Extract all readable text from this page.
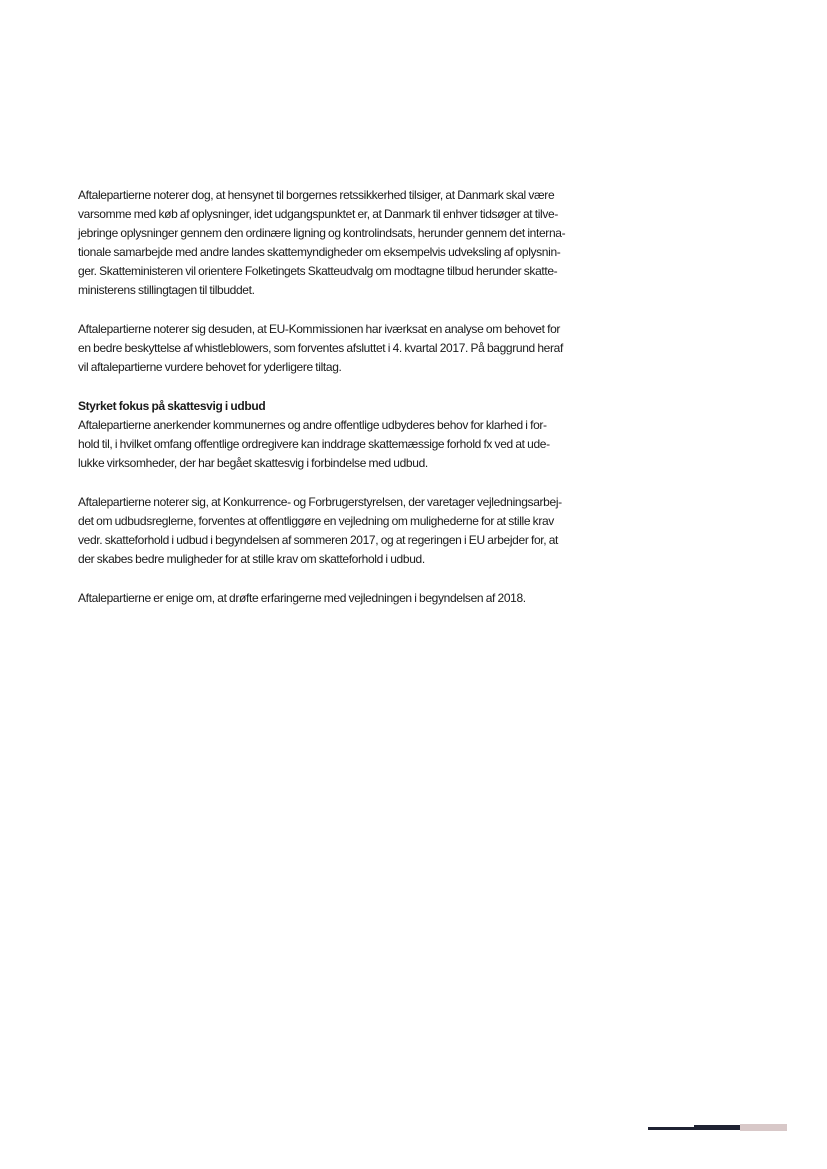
Aftalepartierne noterer dog, at hensynet til borgernes retssikkerhed tilsiger, at Danmark skal være
varsomme med køb af oplysninger, idet udgangspunktet er, at Danmark til enhver tidsøger at tilve-
jebringe oplysninger gennem den ordinære ligning og kontrolindsats, herunder gennem det interna-
tionale samarbejde med andre landes skattemyndigheder om eksempelvis udveksling af oplysnin-
ger. Skatteministeren vil orientere Folketingets Skatteudvalg om modtagne tilbud herunder skatte-
ministerens stillingtagen til tilbuddet.
Aftalepartierne noterer sig desuden, at EU-Kommissionen har iværksat en analyse om behovet for
en bedre beskyttelse af whistleblowers, som forventes afsluttet i 4. kvartal 2017. På baggrund heraf
vil aftalepartierne vurdere behovet for yderligere tiltag.
Styrket fokus på skattesvig i udbud
Aftalepartierne anerkender kommunernes og andre offentlige udbyderes behov for klarhed i for-
hold til, i hvilket omfang offentlige ordregivere kan inddrage skattemæssige forhold fx ved at ude-
lukke virksomheder, der har begået skattesvig i forbindelse med udbud.
Aftalepartierne noterer sig, at Konkurrence- og Forbrugerstyrelsen, der varetager vejledningsarbej-
det om udbudsreglerne, forventes at offentliggøre en vejledning om mulighederne for at stille krav
vedr. skatteforhold i udbud i begyndelsen af sommeren 2017, og at regeringen i EU arbejder for, at
der skabes bedre muligheder for at stille krav om skatteforhold i udbud.
Aftalepartierne er enige om, at drøfte erfaringerne med vejledningen i begyndelsen af 2018.
